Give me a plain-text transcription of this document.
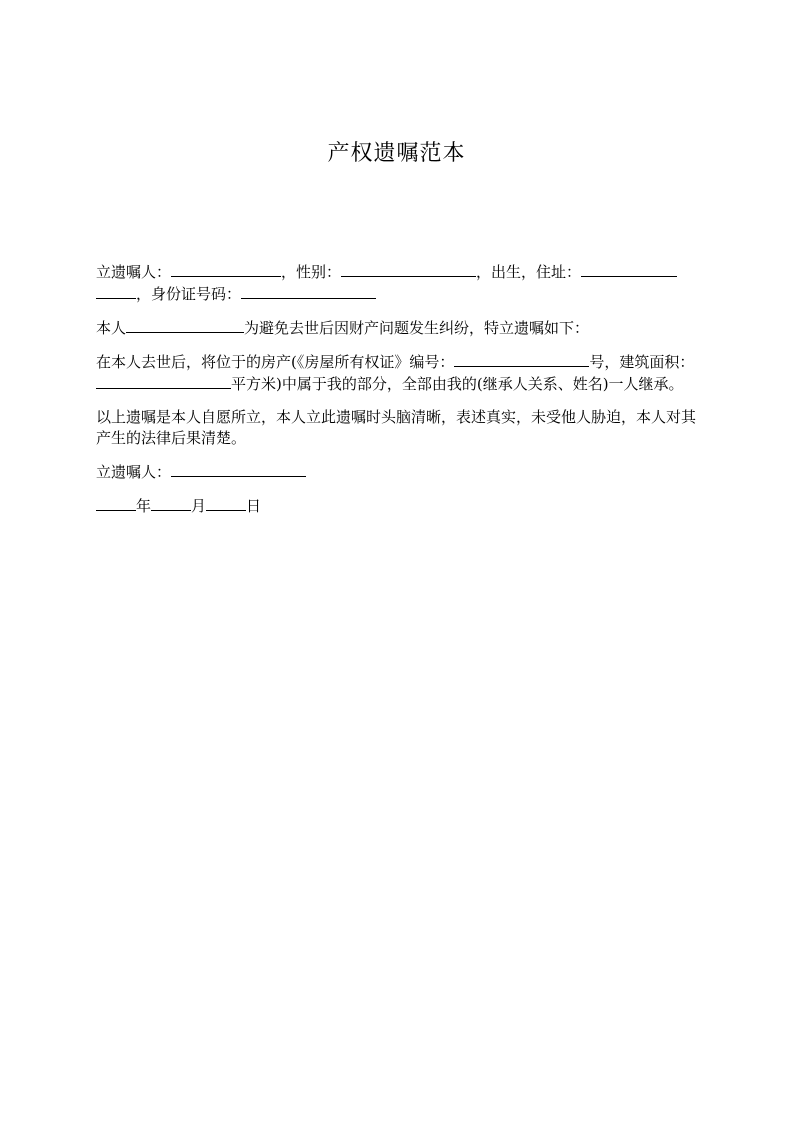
产权遗嘱范本

立遗嘱人：	，性别：	，出生，住址：
，身份证号码：

本人	为避免去世后因财产问题发生纠纷，特立遗嘱如下：

在本人去世后，将位于的房产(《房屋所有权证》编号：	号，建筑面积：平方米)中属于我的部分，全部由我的(继承人关系、姓名)一人继承。

以上遗嘱是本人自愿所立，本人立此遗嘱时头脑清晰，表述真实，未受他人胁迫，本人对其产生的法律后果清楚。

立遗嘱人：

年	月	日
